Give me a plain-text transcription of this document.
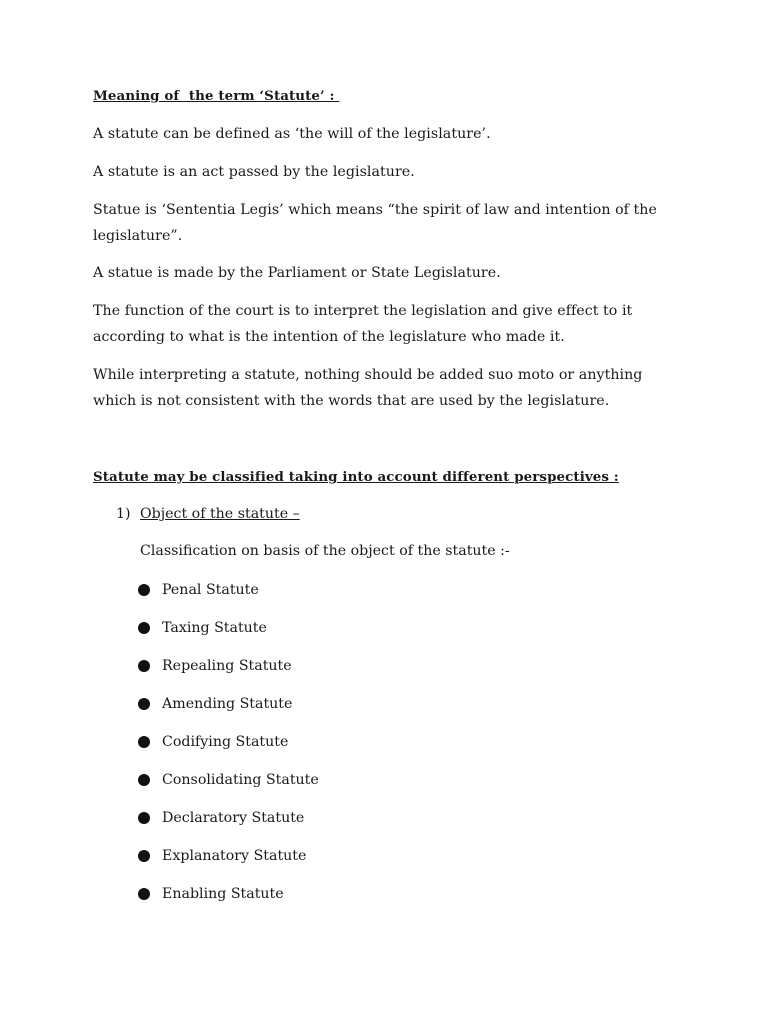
Meaning of  the term ‘Statute’ :
A statute can be defined as ‘the will of the legislature’.
A statute is an act passed by the legislature.
Statue is ‘Sententia Legis’ which means “the spirit of law and intention of the legislature”.
A statue is made by the Parliament or State Legislature.
The function of the court is to interpret the legislation and give effect to it according to what is the intention of the legislature who made it.
While interpreting a statute, nothing should be added suo moto or anything which is not consistent with the words that are used by the legislature.
Statute may be classified taking into account different perspectives :
1) Object of the statute –
Classification on basis of the object of the statute :-
Penal Statute
Taxing Statute
Repealing Statute
Amending Statute
Codifying Statute
Consolidating Statute
Declaratory Statute
Explanatory Statute
Enabling Statute
